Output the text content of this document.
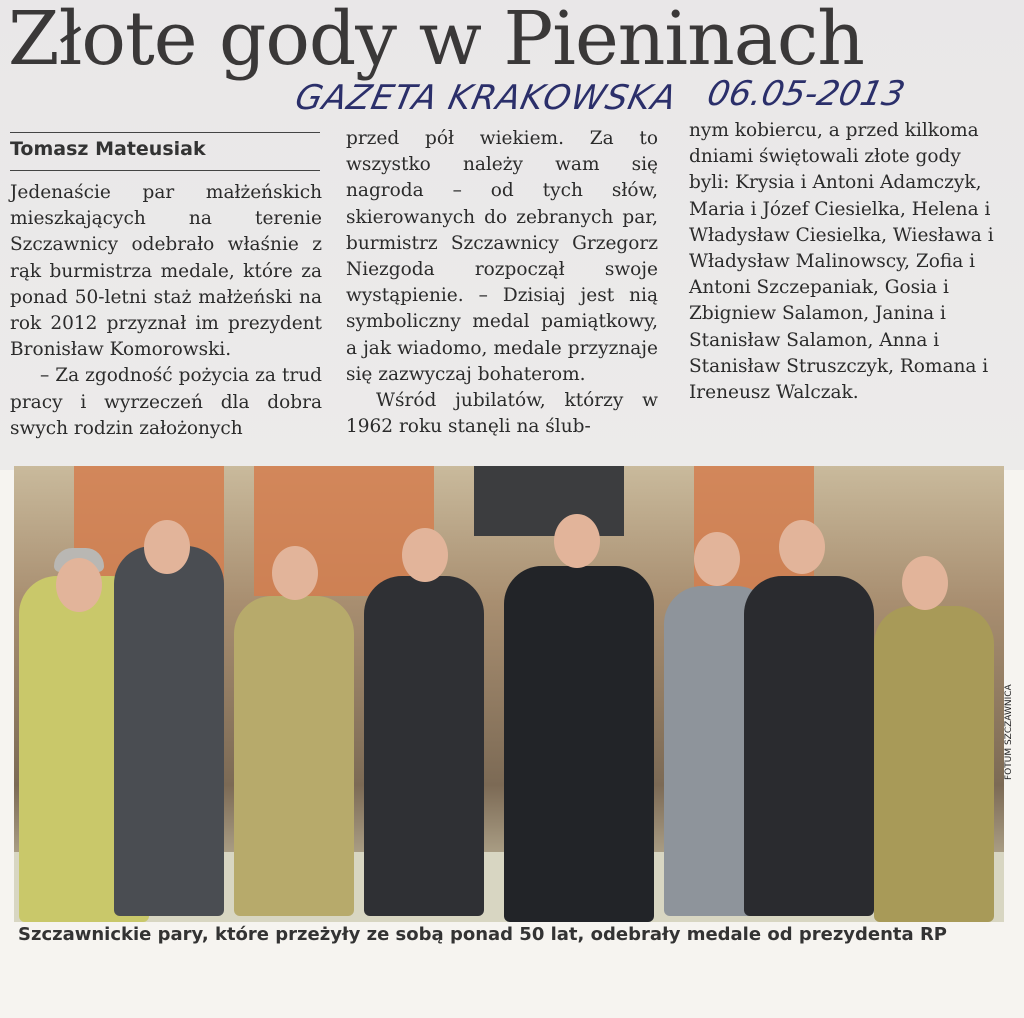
Złote gody w Pieninach
GAZETA KRAKOWSKA 06.05-2013
Tomasz Mateusiak

Jedenaście par małżeńskich mieszkających na terenie Szczawnicy odebrało właśnie z rąk burmistrza medale, które za ponad 50-letni staż małżeński na rok 2012 przyznał im prezydent Bronisław Komorowski.

– Za zgodność pożycia za trud pracy i wyrzeczeń dla dobra swych rodzin założonych

przed pół wiekiem. Za to wszystko należy wam się nagroda – od tych słów, skierowanych do zebranych par, burmistrz Szczawnicy Grzegorz Niezgoda rozpoczął swoje wystąpienie. – Dzisiaj jest nią symboliczny medal pamiątkowy, a jak wiadomo, medale przyznaje się zazwyczaj bohaterom.

Wśród jubilatów, którzy w 1962 roku stanęli na ślub-

nym kobiercu, a przed kilkoma dniami świętowali złote gody byli: Krysia i Antoni Adamczyk, Maria i Józef Ciesielka, Helena i Władysław Ciesielka, Wiesława i Władysław Malinowscy, Zofia i Antoni Szczepaniak, Gosia i Zbigniew Salamon, Janina i Stanisław Salamon, Anna i Stanisław Struszczyk, Romana i Ireneusz Walczak.

FOTUM SZCZAWNICA
Szczawnickie pary, które przeżyły ze sobą ponad 50 lat, odebrały medale od prezydenta RP
